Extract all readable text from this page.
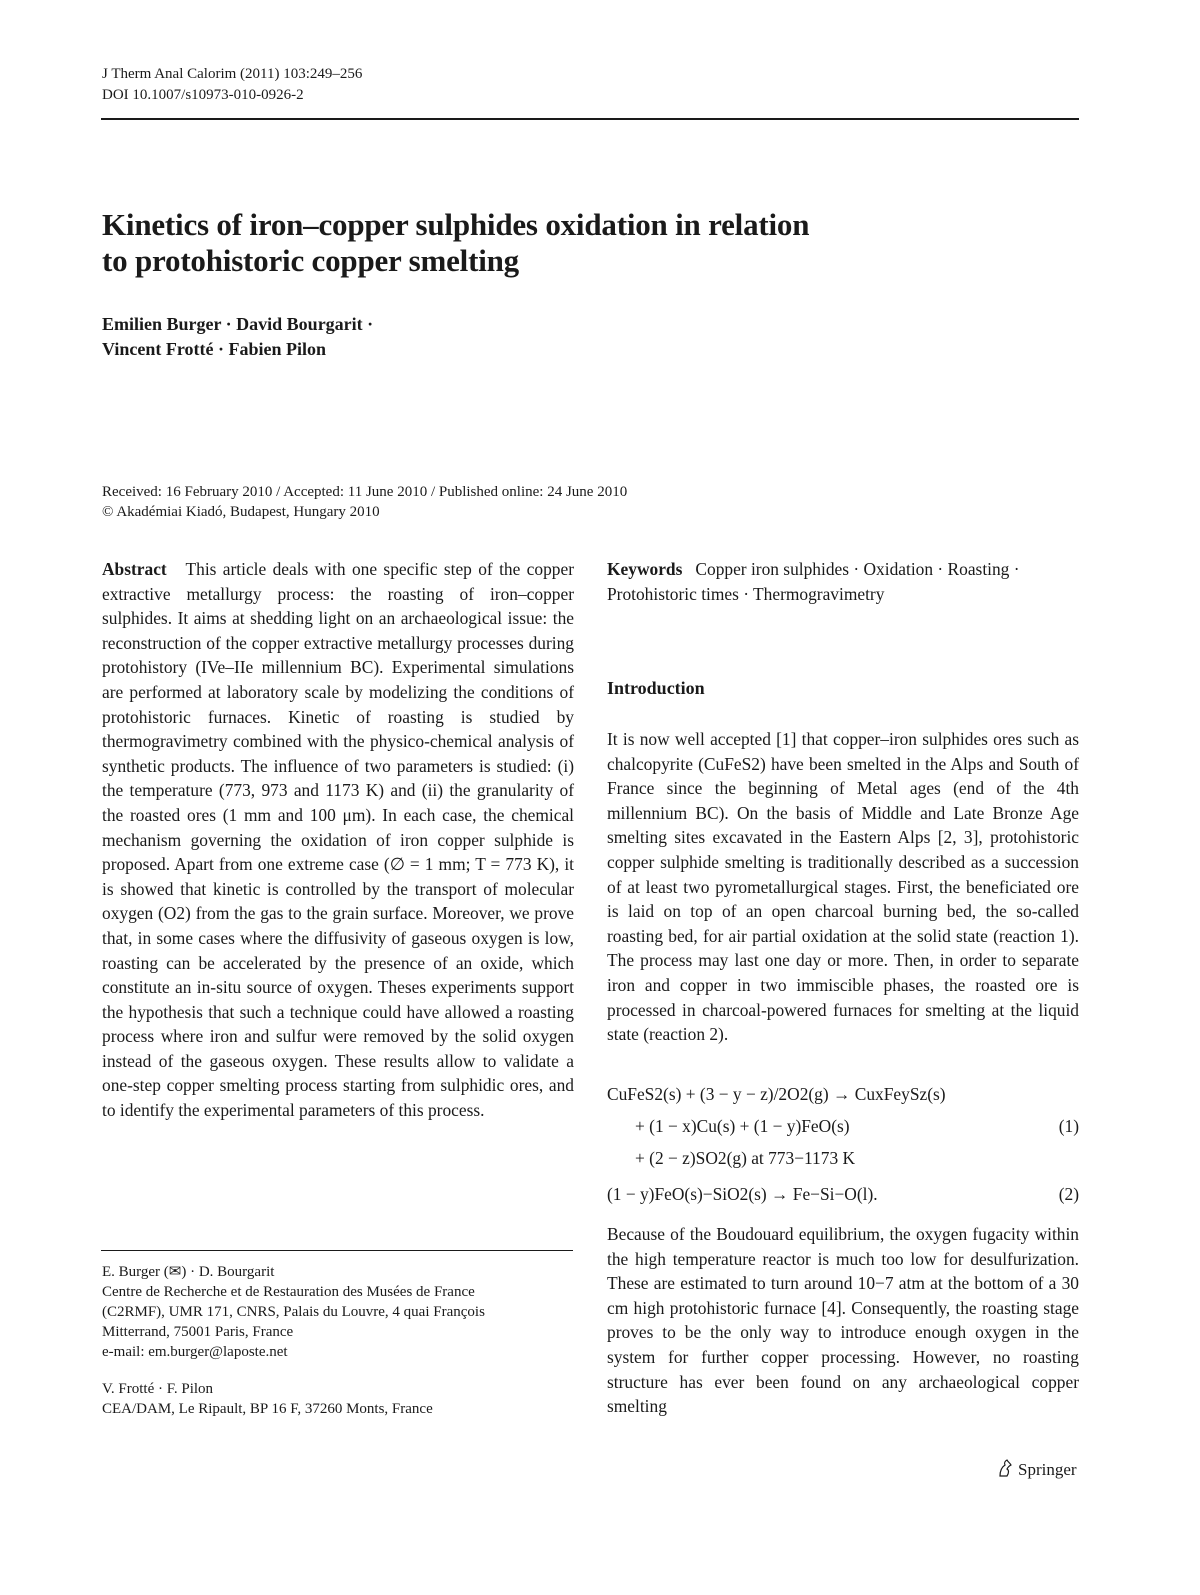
J Therm Anal Calorim (2011) 103:249–256
DOI 10.1007/s10973-010-0926-2
Kinetics of iron–copper sulphides oxidation in relation
to protohistoric copper smelting
Emilien Burger · David Bourgarit ·
Vincent Frotté · Fabien Pilon
Received: 16 February 2010 / Accepted: 11 June 2010 / Published online: 24 June 2010
© Akadémiai Kiadó, Budapest, Hungary 2010
Abstract This article deals with one specific step of the copper extractive metallurgy process: the roasting of iron–copper sulphides. It aims at shedding light on an archaeological issue: the reconstruction of the copper extractive metallurgy processes during protohistory (IVe–IIe millennium BC). Experimental simulations are performed at laboratory scale by modelizing the conditions of protohistoric furnaces. Kinetic of roasting is studied by thermogravimetry combined with the physico-chemical analysis of synthetic products. The influence of two parameters is studied: (i) the temperature (773, 973 and 1173 K) and (ii) the granularity of the roasted ores (1 mm and 100 μm). In each case, the chemical mechanism governing the oxidation of iron copper sulphide is proposed. Apart from one extreme case (∅ = 1 mm; T = 773 K), it is showed that kinetic is controlled by the transport of molecular oxygen (O2) from the gas to the grain surface. Moreover, we prove that, in some cases where the diffusivity of gaseous oxygen is low, roasting can be accelerated by the presence of an oxide, which constitute an in-situ source of oxygen. Theses experiments support the hypothesis that such a technique could have allowed a roasting process where iron and sulfur were removed by the solid oxygen instead of the gaseous oxygen. These results allow to validate a one-step copper smelting process starting from sulphidic ores, and to identify the experimental parameters of this process.
E. Burger (✉) · D. Bourgarit
Centre de Recherche et de Restauration des Musées de France
(C2RMF), UMR 171, CNRS, Palais du Louvre, 4 quai François
Mitterrand, 75001 Paris, France
e-mail: em.burger@laposte.net
V. Frotté · F. Pilon
CEA/DAM, Le Ripault, BP 16 F, 37260 Monts, France
Keywords Copper iron sulphides · Oxidation · Roasting · Protohistoric times · Thermogravimetry
Introduction
It is now well accepted [1] that copper–iron sulphides ores such as chalcopyrite (CuFeS2) have been smelted in the Alps and South of France since the beginning of Metal ages (end of the 4th millennium BC). On the basis of Middle and Late Bronze Age smelting sites excavated in the Eastern Alps [2, 3], protohistoric copper sulphide smelting is traditionally described as a succession of at least two pyrometallurgical stages. First, the beneficiated ore is laid on top of an open charcoal burning bed, the so-called roasting bed, for air partial oxidation at the solid state (reaction 1). The process may last one day or more. Then, in order to separate iron and copper in two immiscible phases, the roasted ore is processed in charcoal-powered furnaces for smelting at the liquid state (reaction 2).
CuFeS2(s) + (3 − y − z)/2O2(g) → CuxFeySz(s)
+ (1 − x)Cu(s) + (1 − y)FeO(s)	(1)
+ (2 − z)SO2(g) at 773−1173 K
(1 − y)FeO(s)−SiO2(s) → Fe−Si−O(l).	(2)
Because of the Boudouard equilibrium, the oxygen fugacity within the high temperature reactor is much too low for desulfurization. These are estimated to turn around 10−7 atm at the bottom of a 30 cm high protohistoric furnace [4]. Consequently, the roasting stage proves to be the only way to introduce enough oxygen in the system for further copper processing. However, no roasting structure has ever been found on any archaeological copper smelting
Springer
